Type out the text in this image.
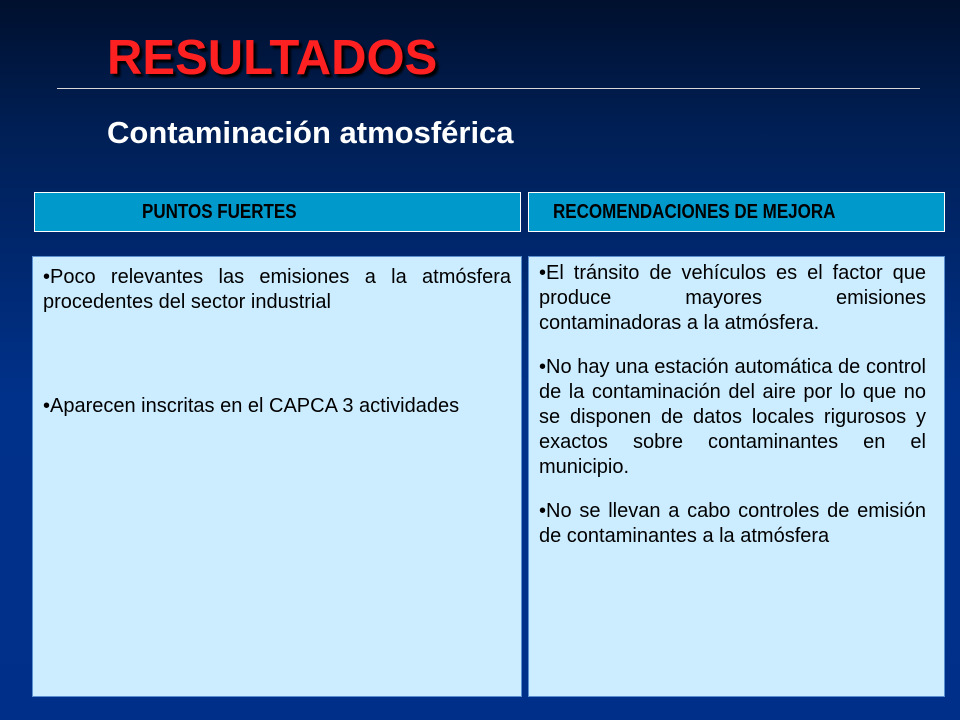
RESULTADOS
Contaminación atmosférica
PUNTOS FUERTES	RECOMENDACIONES DE MEJORA

•Poco relevantes las emisiones a la atmósfera procedentes del sector industrial

•Aparecen inscritas en el CAPCA 3 actividades

•El tránsito de vehículos es el factor que produce mayores emisiones contaminadoras a la atmósfera.

•No hay una estación automática de control de la contaminación del aire por lo que no se disponen de datos locales rigurosos y exactos sobre contaminantes en el municipio.

•No se llevan a cabo controles de emisión de contaminantes a la atmósfera
